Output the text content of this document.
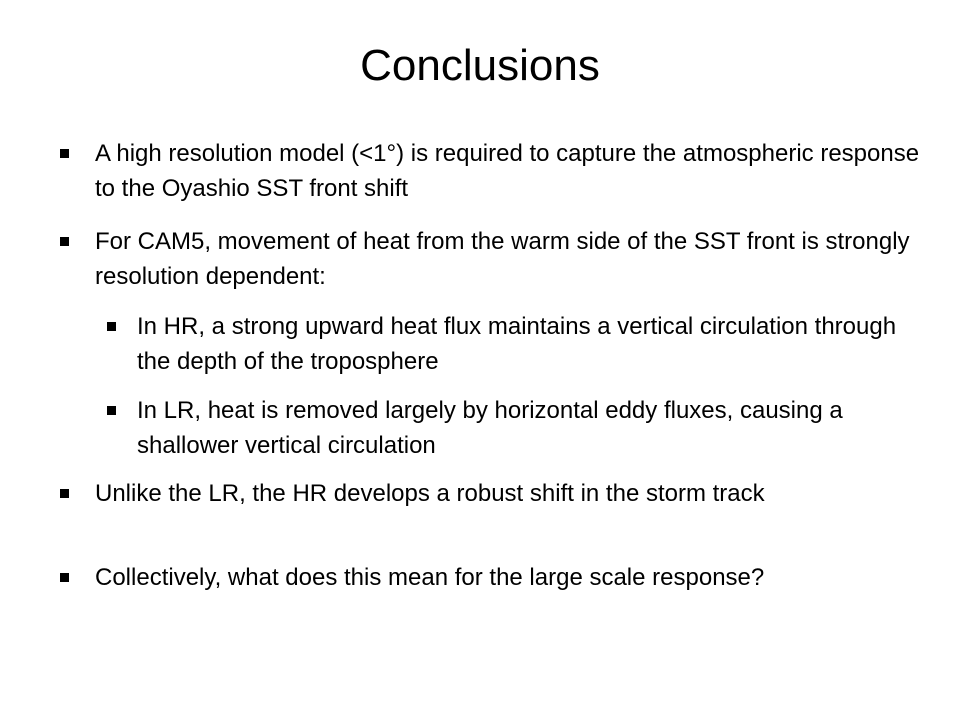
Conclusions
A high resolution model (<1°) is required to capture the atmospheric response to the Oyashio SST front shift
For CAM5, movement of heat from the warm side of the SST front is strongly resolution dependent:
In HR, a strong upward heat flux maintains a vertical circulation through the depth of the troposphere
In LR, heat is removed largely by horizontal eddy fluxes, causing a shallower vertical circulation
Unlike the LR, the HR develops a robust shift in the storm track
Collectively, what does this mean for the large scale response?
